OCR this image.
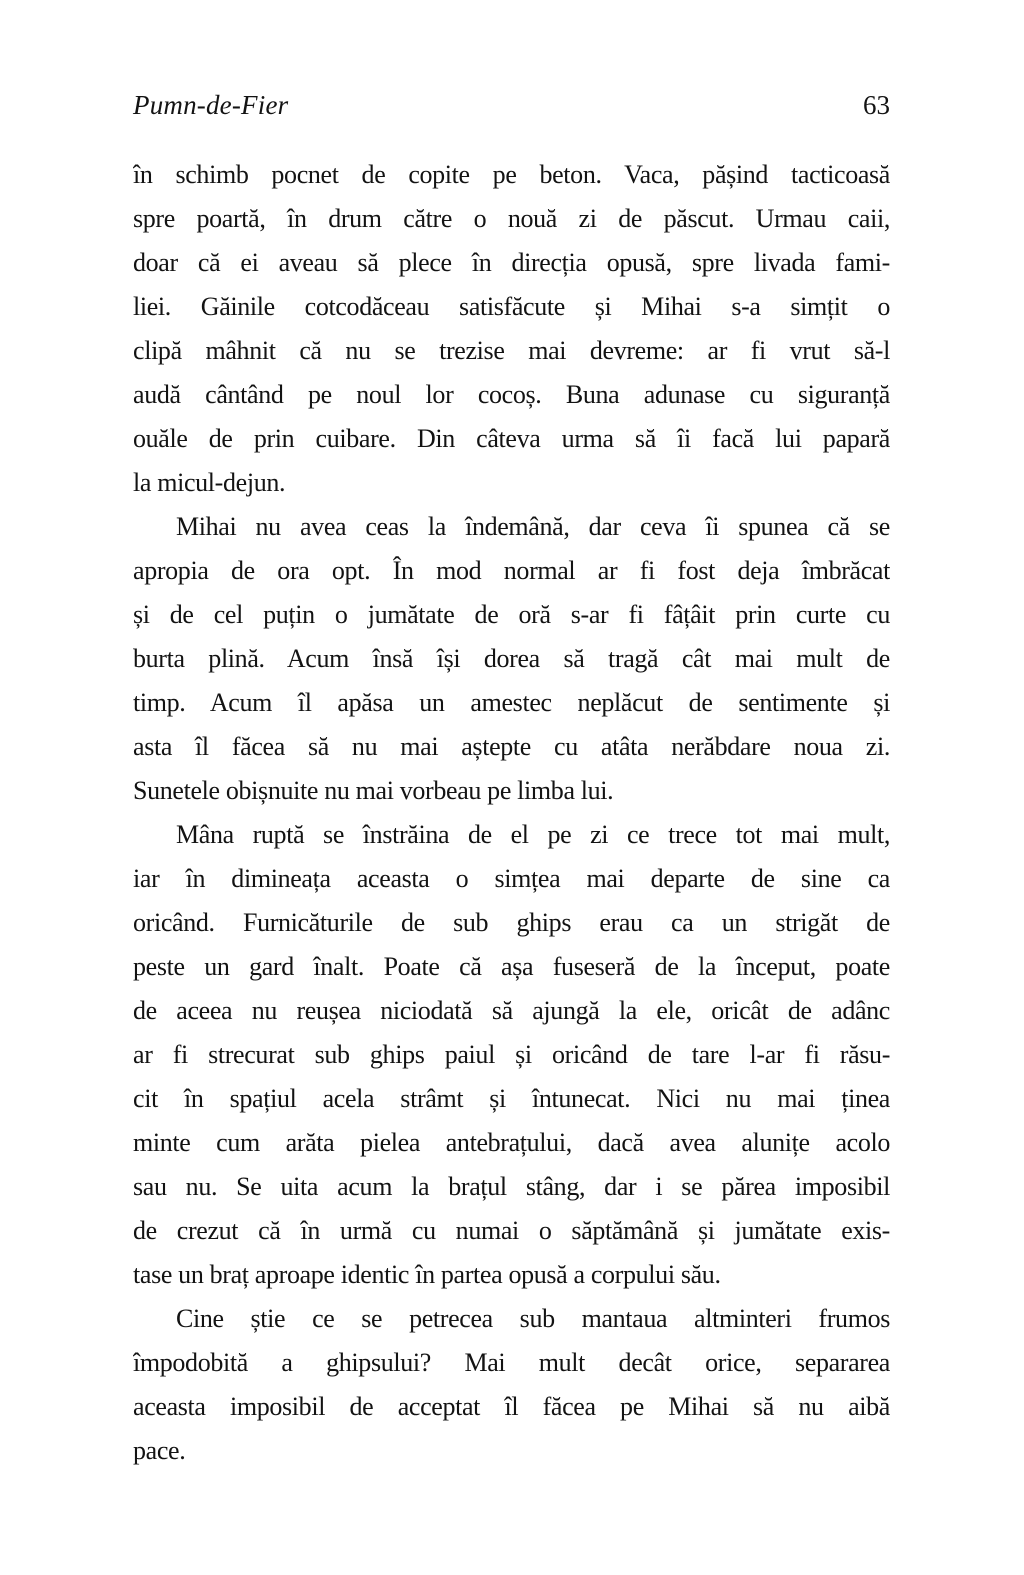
Pumn-de-Fier	63
în schimb pocnet de copite pe beton. Vaca, pășind tacticoasă
spre poartă, în drum către o nouă zi de păscut. Urmau caii,
doar că ei aveau să plece în direcția opusă, spre livada fami-
liei. Găinile cotcodăceau satisfăcute și Mihai s-a simțit o
clipă mâhnit că nu se trezise mai devreme: ar fi vrut să-l
audă cântând pe noul lor cocoș. Buna adunase cu siguranță
ouăle de prin cuibare. Din câteva urma să îi facă lui papară
la micul-dejun.
Mihai nu avea ceas la îndemână, dar ceva îi spunea că se
apropia de ora opt. În mod normal ar fi fost deja îmbrăcat
și de cel puțin o jumătate de oră s-ar fi fâțâit prin curte cu
burta plină. Acum însă își dorea să tragă cât mai mult de
timp. Acum îl apăsa un amestec neplăcut de sentimente și
asta îl făcea să nu mai aștepte cu atâta nerăbdare noua zi.
Sunetele obișnuite nu mai vorbeau pe limba lui.
Mâna ruptă se înstrăina de el pe zi ce trece tot mai mult,
iar în dimineața aceasta o simțea mai departe de sine ca
oricând. Furnicăturile de sub ghips erau ca un strigăt de
peste un gard înalt. Poate că așa fuseseră de la început, poate
de aceea nu reușea niciodată să ajungă la ele, oricât de adânc
ar fi strecurat sub ghips paiul și oricând de tare l-ar fi răsu-
cit în spațiul acela strâmt și întunecat. Nici nu mai ținea
minte cum arăta pielea antebrațului, dacă avea alunițe acolo
sau nu. Se uita acum la brațul stâng, dar i se părea imposibil
de crezut că în urmă cu numai o săptămână și jumătate exis-
tase un braț aproape identic în partea opusă a corpului său.
Cine știe ce se petrecea sub mantaua altminteri frumos
împodobită a ghipsului? Mai mult decât orice, separarea
aceasta imposibil de acceptat îl făcea pe Mihai să nu aibă
pace.
